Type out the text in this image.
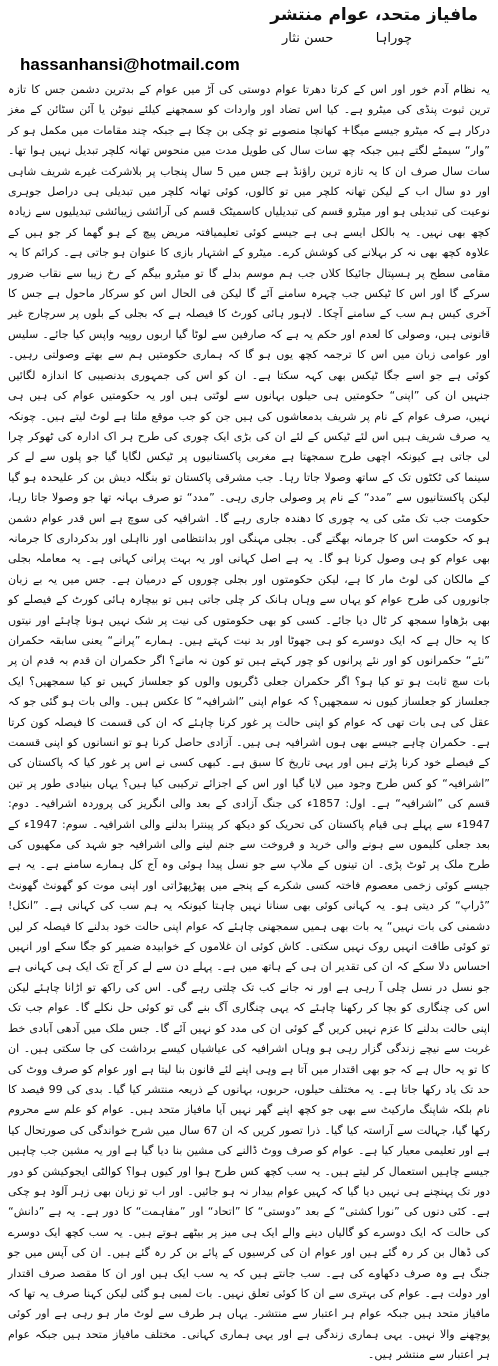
مافیاز متحد، عوام منتشر
چوراہا  حسن نثار
hassanhansi@hotmail.com

یہ نظام آدم خور اور اس کے کرتا دھرتا عوام دوستی کی آڑ میں عوام کے بدترین دشمن جس کا تازہ ترین ثبوت پنڈی کی میٹرو ہے۔ کیا اس تضاد اور واردات کو سمجھنے کیلئے نیوٹن یا آئن سٹائن کے مغز درکار ہے کہ میٹرو جیسے میگا+ کھانچا منصوبے تو چکی بن چکا ہے جبکہ چند مقامات میں مکمل ہو کر ”وار“ سیمٹے لگتے ہیں جبکہ چھ سات سال کی طویل مدت میں منحوس تھانہ کلچر تبدیل نہیں ہوا تھا۔ سات سال صرف ان کا یہ تازہ ترین راؤنڈ ہے جس میں 5 سال پنجاب پر بلاشرکت غیرے شریف شاہی اور دو سال اب کے لیکن تھانہ کلچر میں تو کالوں، کوئی تھانہ کلچر میں تبدیلی ہی دراصل جوہری نوعیت کی تبدیلی ہو اور میٹرو قسم کی تبدیلیاں کاسمیٹک قسم کی آرائشی زیبائشی تبدیلیوں سے زیادہ کچھ بھی نہیں۔ یہ بالکل ایسے ہی ہے جیسے کوئی تعلیمیافتہ مریض پیچ کے ہو گھما کر جو ہیں کے علاوہ کچھ بھی نہ کر بہلانے کی کوشش کرے۔ میٹرو کے اشتہار بازی کا عنوان ہو جاتی ہے۔ کرائم کا یہ مقامی سطح پر ہسپتال جائیکا کلاں جب ہم موسم بدلے گا تو میٹرو بیگم کے رخ زیبا سے نقاب ضرور سرکے گا اور اس کا ٹیکس جب چہرہ سامنے آئے گا لیکن فی الحال اس کو سرکار ماحول ہے جس کا آخری کیس ہم سب کے سامنے آچکا۔ لاہور ہائی کورٹ کا فیصلہ ہے کہ بجلی کے بلوں پر سرچارج غیر قانونی ہیں، وصولی کا لعدم اور حکم یہ ہے کہ صارفین سے لوٹا گیا اربوں روپیہ واپس کیا جائے۔ سلیس اور عوامی زبان میں اس کا ترجمہ کچھ یوں ہو گا کہ ہماری حکومتیں ہم سے بھتے وصولتی رہیں۔ کوئی ہے جو اسے جگا ٹیکس بھی کہہ سکتا ہے۔ ان کو اس کی جمہوری بدنصیبی کا اندازہ لگائیں جنہیں ان کی ”اپنی“ حکومتیں ہی حیلوں بہانوں سے لوٹتی ہیں اور یہ حکومتیں عوام کی ہیں ہی نہیں، صرف عوام کے نام پر شریف بدمعاشوں کی ہیں جن کو جب موقع ملتا ہے لوٹ لیتے ہیں۔ چونکہ یہ صرف شریف ہیں اس لئے ٹیکس کے لئے ان کی بڑی ایک چوری کی طرح ہر اک ادارہ کی ٹھوکر چرا لی جاتی ہے کیونکہ اچھی طرح سمجھتا ہے مغربی پاکستانیوں پر ٹیکس لگایا گیا جو پلوں سے لے کر سینما کی ٹکٹوں تک کے ساتھ وصولا جاتا رہا۔ جب مشرقی پاکستان تو بنگلہ دیش بن کر علیحدہ ہو گیا لیکن پاکستانیوں سے ”مدد“ کے نام پر وصولی جاری رہی۔ ”مدد“ تو صرف بہانہ تھا جو وصولا جاتا رہا، حکومت جب تک مٹی کی یہ چوری کا دھندہ جاری رہے گا۔ اشرافیہ کی سوچ ہے اس قدر عوام دشمن ہو کہ حکومت اس کا جرمانہ بھگتے گی۔ بجلی مہنگی اور بدانتظامی اور نااہلی اور بدکرداری کا جرمانہ بھی عوام کو ہی وصول کرنا ہو گا۔ یہ ہے اصل کہانی اور یہ بہت پرانی کہانی ہے۔ یہ معاملہ بجلی کے مالکان کی لوٹ مار کا ہے، لیکن حکومتوں اور بجلی چوروں کے درمیان ہے۔ جس میں یہ بے زبان جانوروں کی طرح عوام کو یہاں سے وہاں ہانک کر چلی جاتی ہیں تو بیچارہ ہائی کورٹ کے فیصلے کو بھی بڑھاوا سمجھ کر ٹال دیا جائے۔ کسی کو بھی حکومتوں کی نیت پر شک نہیں ہونا چاہئے اور نیتوں کا یہ حال ہے کہ ایک دوسرے کو ہی جھوٹا اور بد نیت کہتے ہیں۔ ہمارے ”پرانے“ یعنی سابقہ حکمران ”نئے“ حکمرانوں کو اور نئے پرانوں کو چور کہتے ہیں تو کون نہ مانے؟ اگر حکمران ان قدم بہ قدم ان پر بات سچ ثابت ہو تو کیا ہو؟ اگر حکمران جعلی ڈگریوں والوں کو جعلساز کہیں تو کیا سمجھیں؟ ایک جعلساز کو جعلساز کیوں نہ سمجھیں؟ کہ عوام اپنی ”اشرافیہ“ کا عکس ہیں۔ والی بات ہو گئی جو کہ عقل کی ہی بات تھی کہ عوام کو اپنی حالت پر غور کرنا چاہئے کہ ان کی قسمت کا فیصلہ کون کرتا ہے۔ حکمران چاہے جیسے بھی ہوں اشرافیہ ہی ہیں۔ آزادی حاصل کرنا ہو تو انسانوں کو اپنی قسمت کے فیصلے خود کرنا پڑتے ہیں اور یہی تاریخ کا سبق ہے۔ کبھی کسی نے اس پر غور کیا کہ پاکستان کی ”اشرافیہ“ کو کس طرح وجود میں لایا گیا اور اس کے اجزائے ترکیبی کیا ہیں؟ یہاں بنیادی طور پر تین قسم کی ”اشرافیہ“ ہے۔ اول: 1857ء کی جنگ آزادی کے بعد والی انگریز کی پروردہ اشرافیہ۔ دوم: 1947ء سے پہلے ہی قیام پاکستان کی تحریک کو دیکھ کر پینترا بدلنے والی اشرافیہ۔ سوم: 1947ء کے بعد جعلی کلیموں سے ہونے والی خرید و فروخت سے جنم لینے والی اشرافیہ جو شہد کی مکھیوں کی طرح ملک پر ٹوٹ پڑی۔ ان تینوں کے ملاپ سے جو نسل پیدا ہوئی وہ آج کل ہمارے سامنے ہے۔ یہ ہے جیسے کوئی زخمی معصوم فاختہ کسی شکرے کے پنجے میں پھڑپھڑاتی اور اپنی موت کو گھونٹ گھونٹ ”ڈراپ“ کر دیتی ہو۔ یہ کہانی کوئی بھی سنانا نہیں چاہتا کیونکہ یہ ہم سب کی کہانی ہے۔ ”انکل! دشمنی کی بات نہیں“ یہ بات بھی ہمیں سمجھنی چاہئے کہ عوام اپنی حالت خود بدلنے کا فیصلہ کر لیں تو کوئی طاقت انہیں روک نہیں سکتی۔ کاش کوئی ان غلاموں کے خوابیدہ ضمیر کو جگا سکے اور انہیں احساس دلا سکے کہ ان کی تقدیر ان ہی کے ہاتھ میں ہے۔ پہلے دن سے لے کر آج تک ایک ہی کہانی ہے جو نسل در نسل چلی آ رہی ہے اور نہ جانے کب تک چلتی رہے گی۔ اس کی راکھ تو اڑانا چاہئے لیکن اس کی چنگاری کو بچا کر رکھنا چاہئے کہ یہی چنگاری آگ بنے گی تو کوئی حل نکلے گا۔ عوام جب تک اپنی حالت بدلنے کا عزم نہیں کریں گے کوئی ان کی مدد کو نہیں آئے گا۔ جس ملک میں آدھی آبادی خط غربت سے نیچے زندگی گزار رہی ہو وہاں اشرافیہ کی عیاشیاں کیسے برداشت کی جا سکتی ہیں۔ ان کا تو یہ حال ہے کہ جو بھی اقتدار میں آتا ہے وہی اپنے لئے قانون بنا لیتا ہے اور عوام کو صرف ووٹ کی حد تک یاد رکھا جاتا ہے۔ یہ مختلف حیلوں، حربوں، بہانوں کے ذریعہ منتشر کیا گیا۔ بدی کی 99 فیصد کا نام بلکہ شاپنگ مارکیٹ سے بھی جو کچھ اپنے گھر نہیں آیا مافیاز متحد ہیں۔ عوام کو علم سے محروم رکھا گیا، جہالت سے آراستہ کیا گیا۔ ذرا تصور کریں کہ ان 67 سال میں شرح خواندگی کی صورتحال کیا ہے اور تعلیمی معیار کیا ہے۔ عوام کو صرف ووٹ ڈالنے کی مشین بنا دیا گیا ہے اور یہ مشین جب چاہیں جیسے چاہیں استعمال کر لیتے ہیں۔ یہ سب کچھ کس طرح ہوا اور کیوں ہوا؟ کوالٹی ایجوکیشن کو دور دور تک پہنچنے ہی نہیں دیا گیا کہ کہیں عوام بیدار نہ ہو جائیں۔ اور اب تو زبان بھی زہر آلود ہو چکی ہے۔ کئی دنوں کی ”نورا کشتی“ کے بعد ”دوستی“ کا ”اتحاد“ اور ”مفاہمت“ کا دور ہے۔ یہ ہے ”دانش“ کی حالت کہ ایک دوسرے کو گالیاں دینے والے ایک ہی میز پر بیٹھے ہوتے ہیں۔ یہ سب کچھ ایک دوسرے کی ڈھال بن کر رہ گئے ہیں اور عوام ان کی کرسیوں کے پائے بن کر رہ گئے ہیں۔ ان کی آپس میں جو جنگ ہے وہ صرف دکھاوے کی ہے۔ سب جانتے ہیں کہ یہ سب ایک ہیں اور ان کا مقصد صرف اقتدار اور دولت ہے۔ عوام کی بہتری سے ان کا کوئی تعلق نہیں۔ بات لمبی ہو گئی لیکن کہنا صرف یہ تھا کہ مافیاز متحد ہیں جبکہ عوام ہر اعتبار سے منتشر۔ یہاں ہر طرف سے لوٹ مار ہو رہی ہے اور کوئی پوچھنے والا نہیں۔ یہی ہماری زندگی ہے اور یہی ہماری کہانی۔ مختلف مافیاز متحد ہیں جبکہ عوام ہر اعتبار سے منتشر ہیں۔
